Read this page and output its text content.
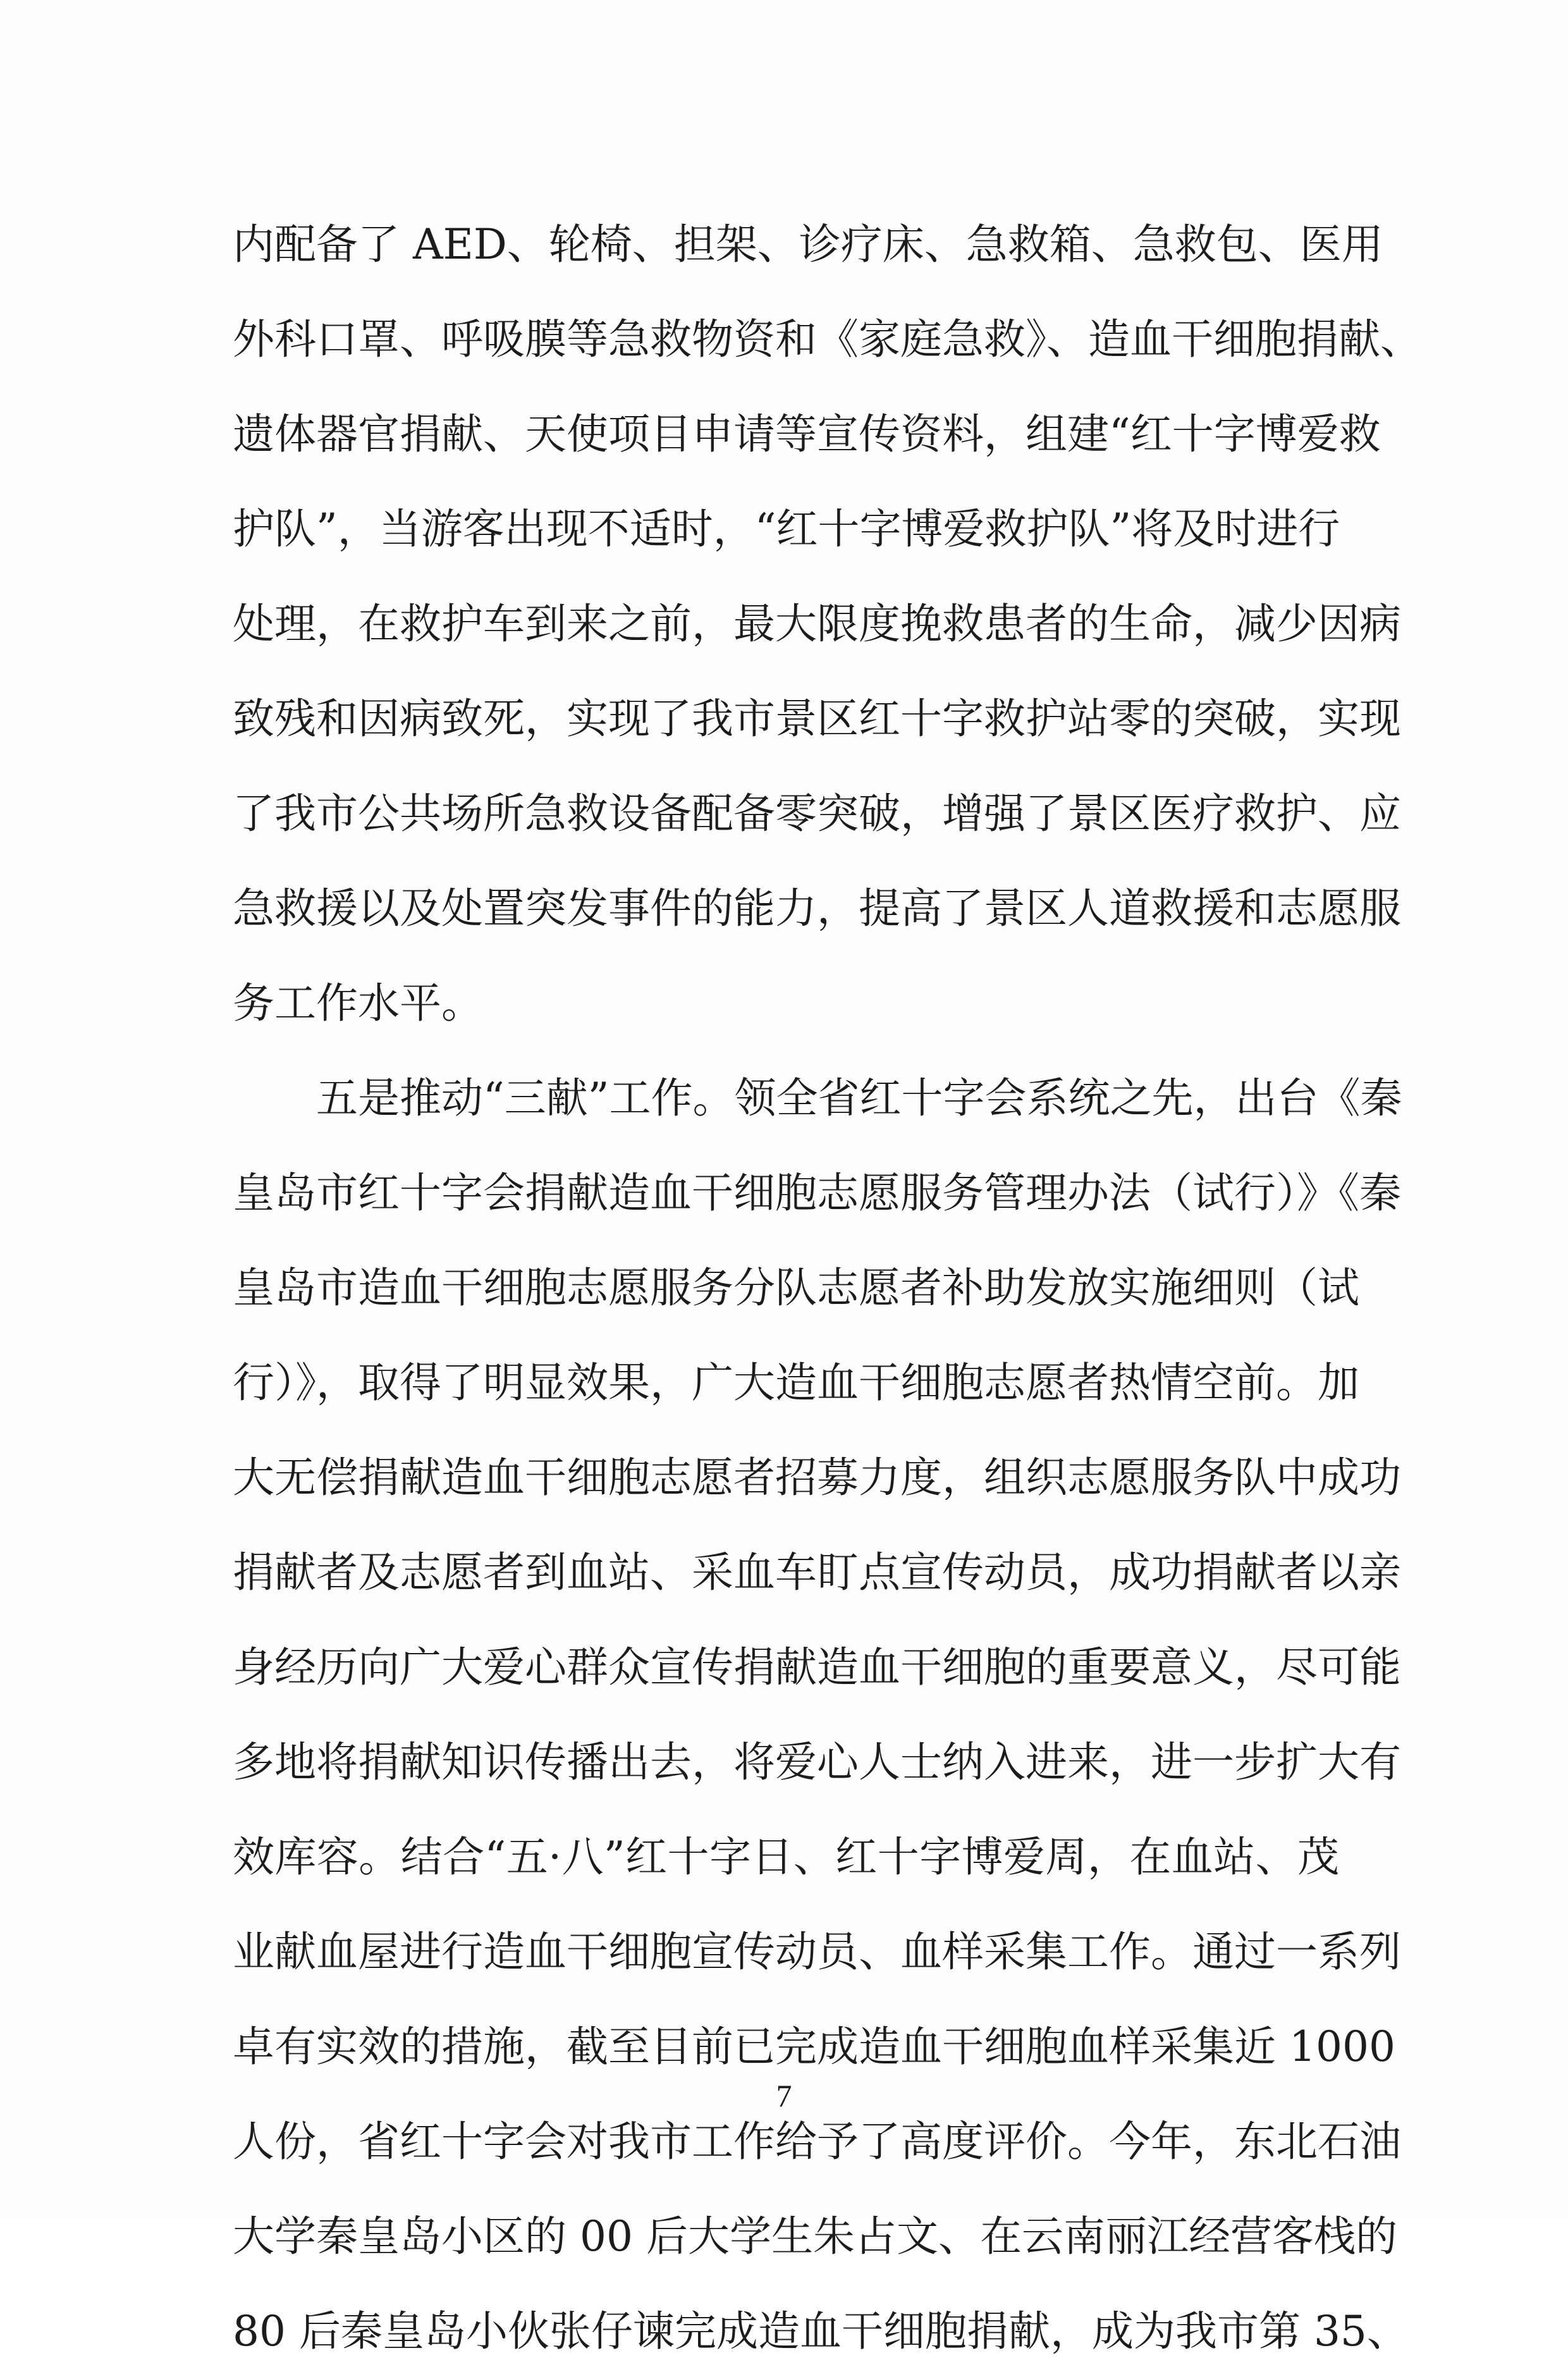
内配备了 AED、轮椅、担架、诊疗床、急救箱、急救包、医用
外科口罩、呼吸膜等急救物资和《家庭急救》、造血干细胞捐献、
遗体器官捐献、天使项目申请等宣传资料，组建“红十字博爱救
护队”，当游客出现不适时，“红十字博爱救护队”将及时进行
处理，在救护车到来之前，最大限度挽救患者的生命，减少因病
致残和因病致死，实现了我市景区红十字救护站零的突破，实现
了我市公共场所急救设备配备零突破，增强了景区医疗救护、应
急救援以及处置突发事件的能力，提高了景区人道救援和志愿服
务工作水平。
五是推动“三献”工作。领全省红十字会系统之先，出台《秦
皇岛市红十字会捐献造血干细胞志愿服务管理办法（试行）》《秦
皇岛市造血干细胞志愿服务分队志愿者补助发放实施细则（试
行）》，取得了明显效果，广大造血干细胞志愿者热情空前。加
大无偿捐献造血干细胞志愿者招募力度，组织志愿服务队中成功
捐献者及志愿者到血站、采血车盯点宣传动员，成功捐献者以亲
身经历向广大爱心群众宣传捐献造血干细胞的重要意义，尽可能
多地将捐献知识传播出去，将爱心人士纳入进来，进一步扩大有
效库容。结合“五·八”红十字日、红十字博爱周，在血站、茂
业献血屋进行造血干细胞宣传动员、血样采集工作。通过一系列
卓有实效的措施，截至目前已完成造血干细胞血样采集近 1000
人份，省红十字会对我市工作给予了高度评价。今年，东北石油
大学秦皇岛小区的 00 后大学生朱占文、在云南丽江经营客栈的
80 后秦皇岛小伙张仔谏完成造血干细胞捐献，成为我市第 35、
7
